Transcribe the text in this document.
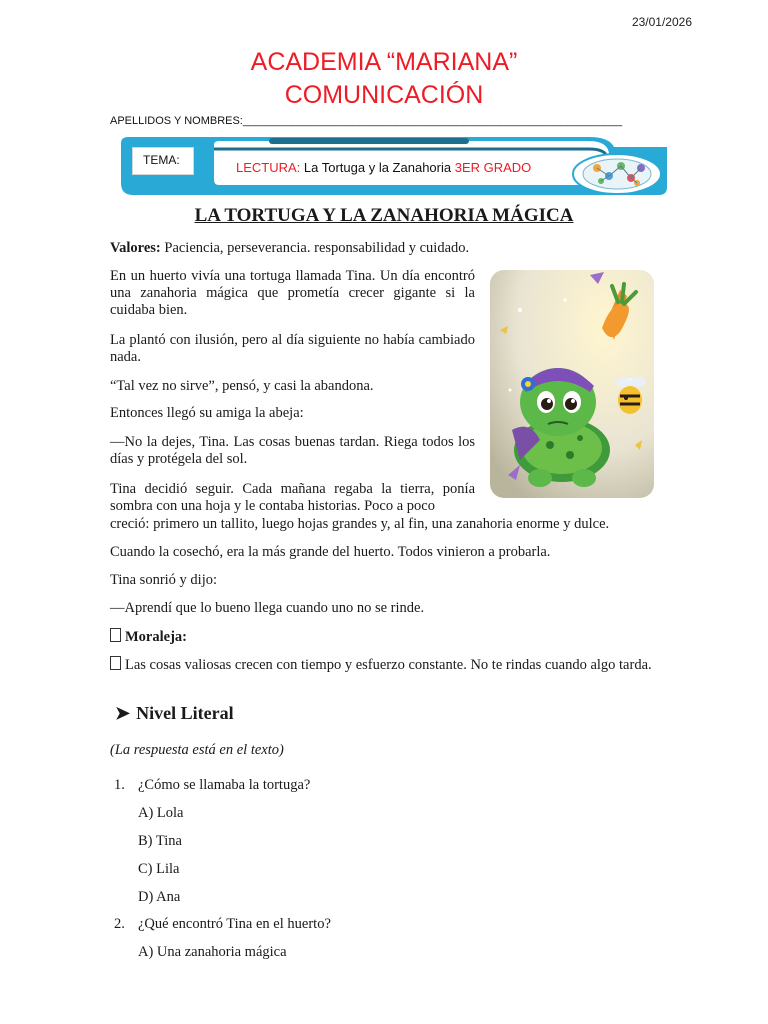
23/01/2026
ACADEMIA “MARIANA”
COMUNICACIÓN
APELLIDOS Y NOMBRES:______________________________________________________________
TEMA:	LECTURA: La Tortuga y la Zanahoria 3ER GRADO
LA TORTUGA Y LA ZANAHORIA MÁGICA

Valores: Paciencia, perseverancia. responsabilidad y cuidado.

En un huerto vivía una tortuga llamada Tina. Un día encontró una zanahoria mágica que prometía crecer gigante si la cuidaba bien.

La plantó con ilusión, pero al día siguiente no había cambiado nada.

“Tal vez no sirve”, pensó, y casi la abandona.

Entonces llegó su amiga la abeja:

—No la dejes, Tina. Las cosas buenas tardan. Riega todos los días y protégela del sol.

Tina decidió seguir. Cada mañana regaba la tierra, ponía sombra con una hoja y le contaba historias. Poco a poco

creció: primero un tallito, luego hojas grandes y, al fin, una zanahoria enorme y dulce.

Cuando la cosechó, era la más grande del huerto. Todos vinieron a probarla.

Tina sonrió y dijo:

—Aprendí que lo bueno llega cuando uno no se rinde.

Moraleja:

Las cosas valiosas crecen con tiempo y esfuerzo constante. No te rindas cuando algo tarda.

➤ Nivel Literal
(La respuesta está en el texto)
1. ¿Cómo se llamaba la tortuga?
A) Lola
B) Tina
C) Lila
D) Ana
2. ¿Qué encontró Tina en el huerto?
A) Una zanahoria mágica
